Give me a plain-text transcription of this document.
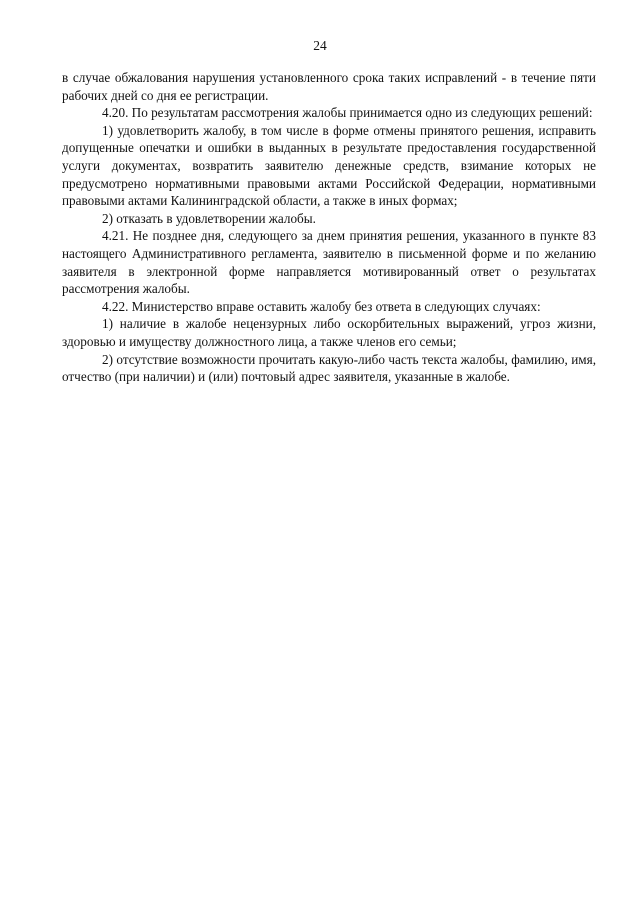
24

в случае обжалования нарушения установленного срока таких исправлений - в течение пяти рабочих дней со дня ее регистрации.

4.20. По результатам рассмотрения жалобы принимается одно из следующих решений:

1) удовлетворить жалобу, в том числе в форме отмены принятого решения, исправить допущенные опечатки и ошибки в выданных в результате предоставления государственной услуги документах, возвратить заявителю денежные средств, взимание которых не предусмотрено нормативными правовыми актами Российской Федерации, нормативными правовыми актами Калининградской области, а также в иных формах;

2) отказать в удовлетворении жалобы.

4.21. Не позднее дня, следующего за днем принятия решения, указанного в пункте 83 настоящего Административного регламента, заявителю в письменной форме и по желанию заявителя в электронной форме направляется мотивированный ответ о результатах рассмотрения жалобы.

4.22. Министерство вправе оставить жалобу без ответа в следующих случаях:

1) наличие в жалобе нецензурных либо оскорбительных выражений, угроз жизни, здоровью и имуществу должностного лица, а также членов его семьи;

2) отсутствие возможности прочитать какую-либо часть текста жалобы, фамилию, имя, отчество (при наличии) и (или) почтовый адрес заявителя, указанные в жалобе.
